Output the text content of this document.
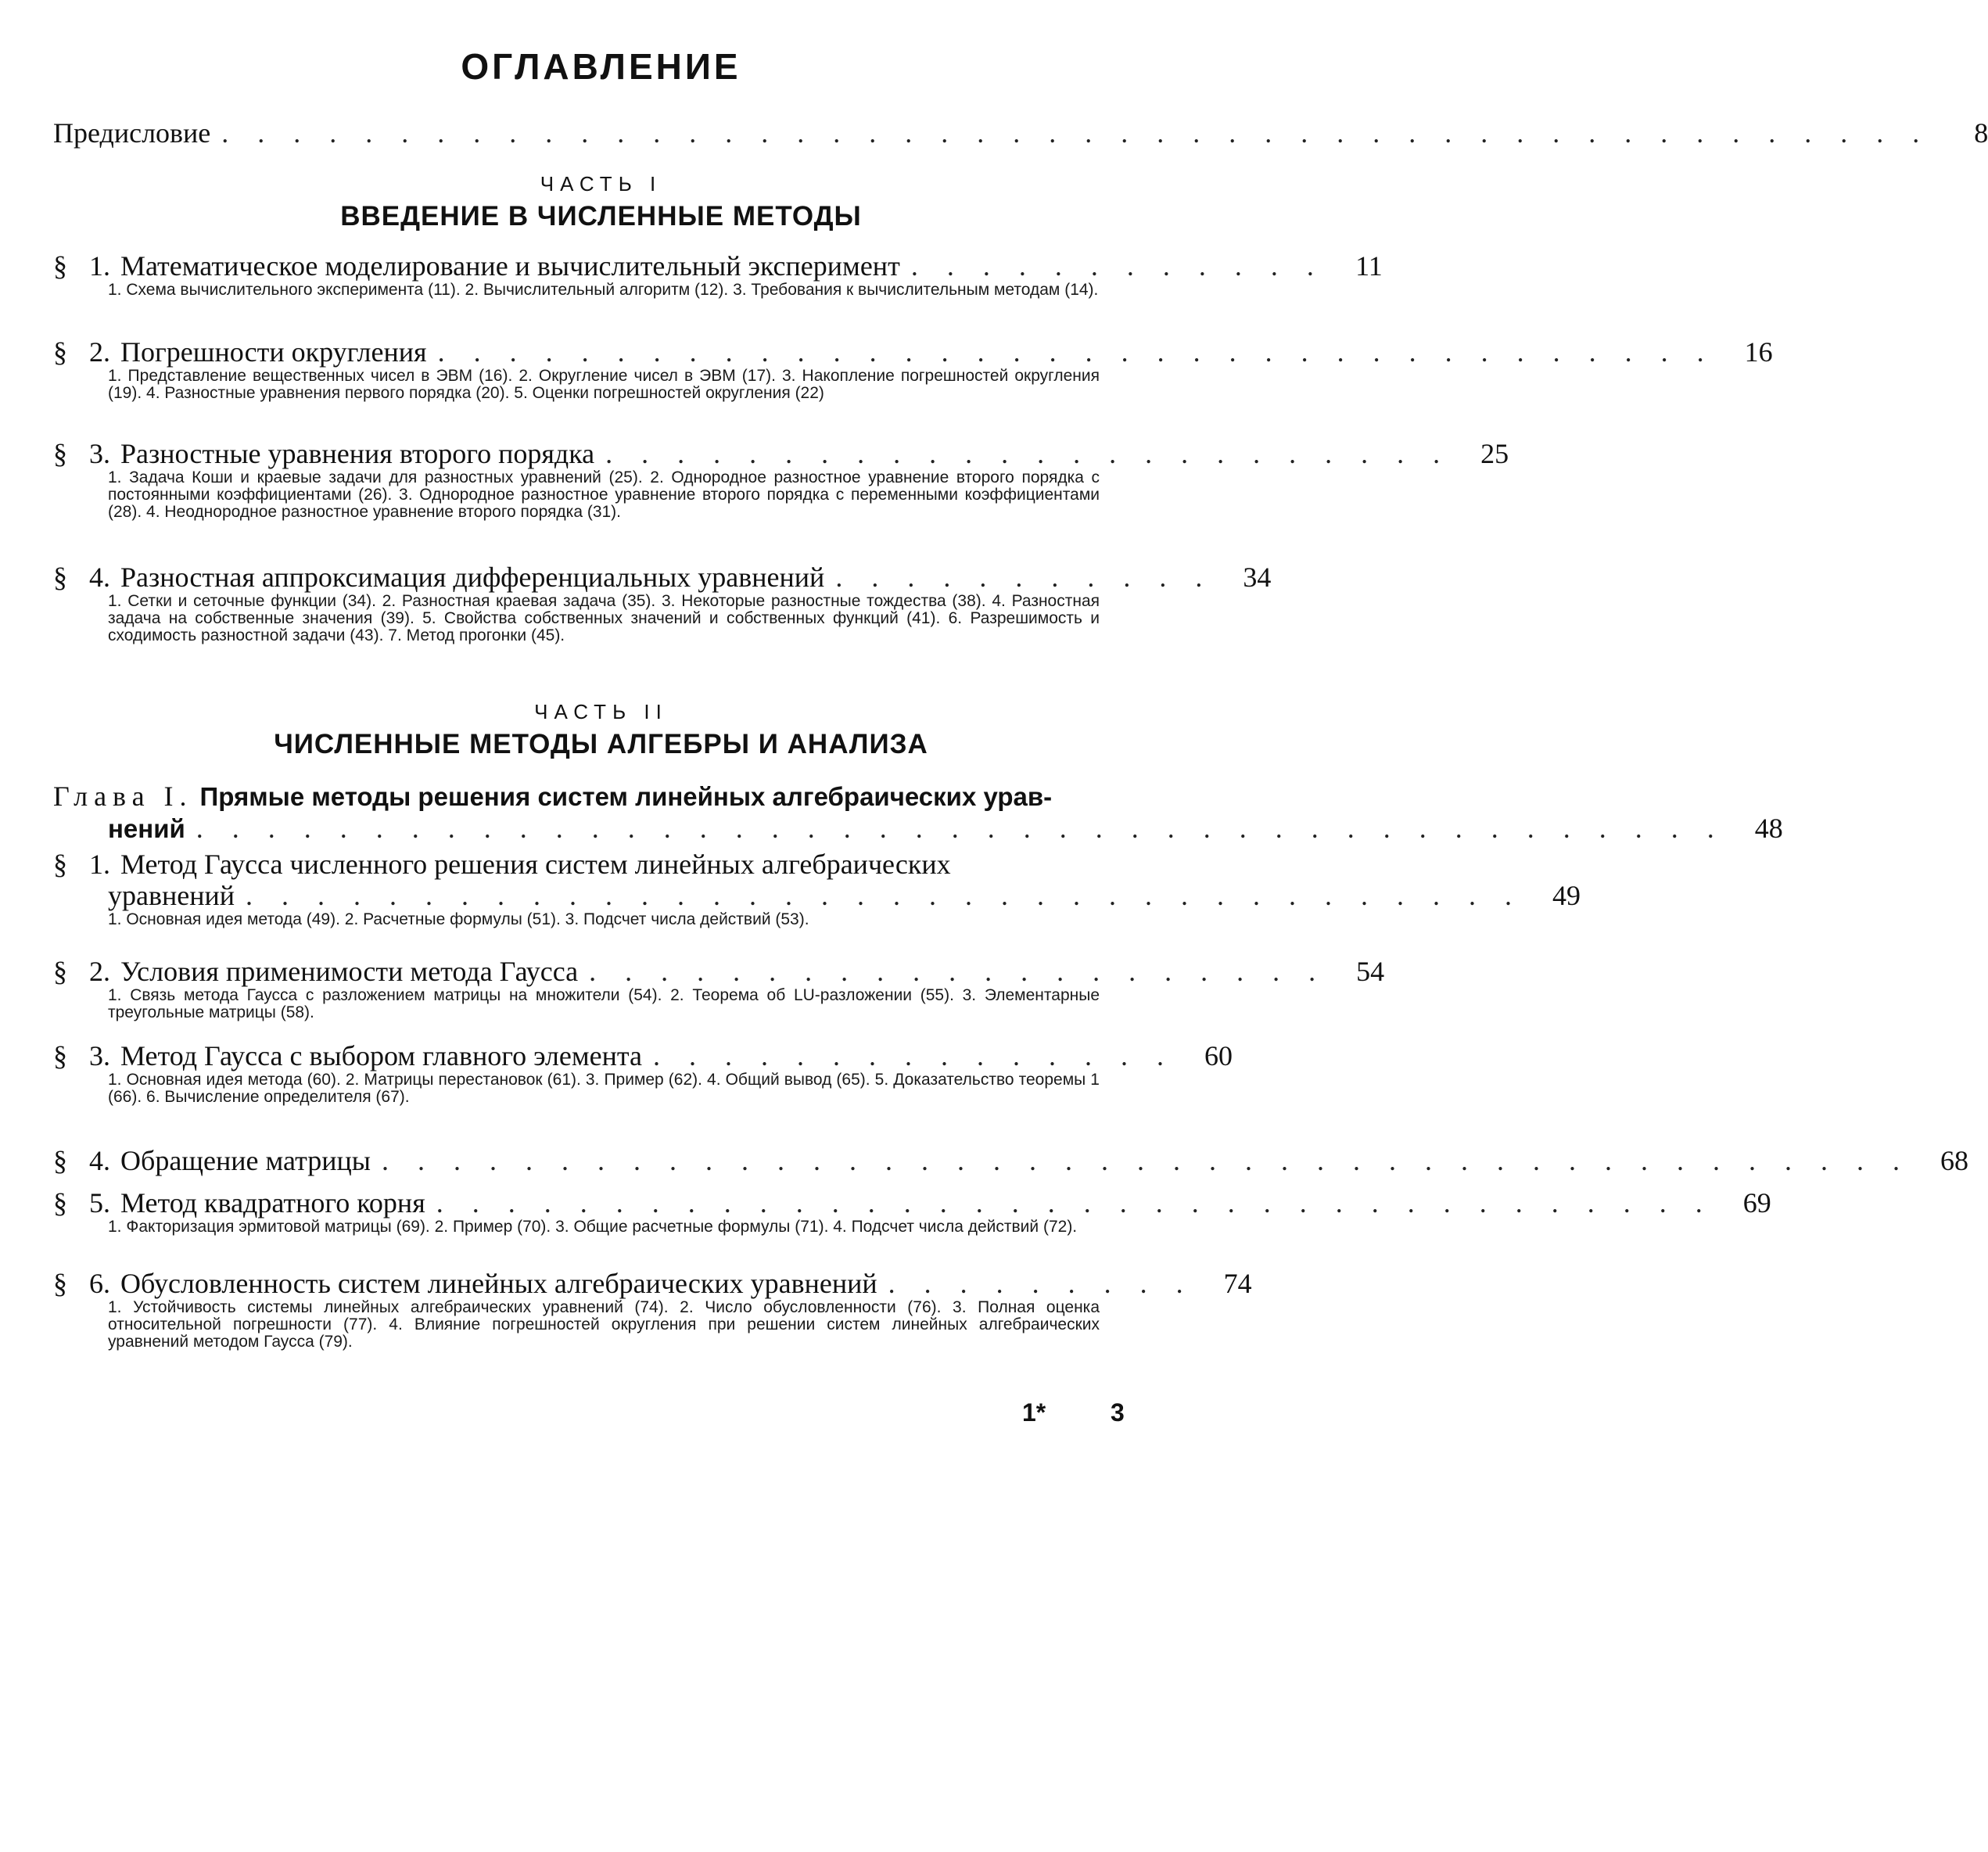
ОГЛАВЛЕНИЕ
Предисловие . . . . . . . . . . . . . . . . . . . . . . . . . . . . . . . . . . . . . . . . . . . . . . . .	8
ЧАСТЬ I
ВВЕДЕНИЕ В ЧИСЛЕННЫЕ МЕТОДЫ
§ 1. Математическое моделирование и вычислительный эксперимент . . . . . . . . . . . .	11
1. Схема вычислительного эксперимента (11). 2. Вычислительный алгоритм (12). 3. Требования к вычислительным методам (14).
§ 2. Погрешности округления . . . . . . . . . . . . . . . . . . . . . . . . . . . . . . . . . . . .	16
1. Представление вещественных чисел в ЭВМ (16). 2. Округление чисел в ЭВМ (17). 3. Накопление погрешностей округления (19). 4. Разностные уравнения первого порядка (20). 5. Оценки погрешностей округления (22)
§ 3. Разностные уравнения второго порядка . . . . . . . . . . . . . . . . . . . . . . . .	25
1. Задача Коши и краевые задачи для разностных уравнений (25). 2. Однородное разностное уравнение второго порядка с постоянными коэффициентами (26). 3. Однородное разностное уравнение второго порядка с переменными коэффициентами (28). 4. Неоднородное разностное уравнение второго порядка (31).
§ 4. Разностная аппроксимация дифференциальных уравнений . . . . . . . . . . .	34
1. Сетки и сеточные функции (34). 2. Разностная краевая задача (35). 3. Некоторые разностные тождества (38). 4. Разностная задача на собственные значения (39). 5. Свойства собственных значений и собственных функций (41). 6. Разрешимость и сходимость разностной задачи (43). 7. Метод прогонки (45).
ЧАСТЬ II
ЧИСЛЕННЫЕ МЕТОДЫ АЛГЕБРЫ И АНАЛИЗА
Глава I. Прямые методы решения систем линейных алгебраических урав-
нений . . . . . . . . . . . . . . . . . . . . . . . . . . . . . . . . . . . . . . . . . . .	48
§ 1. Метод Гаусса численного решения систем линейных алгебраических
уравнений . . . . . . . . . . . . . . . . . . . . . . . . . . . . . . . . . . . .	49
1. Основная идея метода (49). 2. Расчетные формулы (51). 3. Подсчет числа действий (53).
§ 2. Условия применимости метода Гаусса . . . . . . . . . . . . . . . . . . . . .	54
1. Связь метода Гаусса с разложением матрицы на множители (54). 2. Теорема об LU-разложении (55). 3. Элементарные треугольные матрицы (58).
§ 3. Метод Гаусса с выбором главного элемента . . . . . . . . . . . . . . .	60
1. Основная идея метода (60). 2. Матрицы перестановок (61). 3. Пример (62). 4. Общий вывод (65). 5. Доказательство теоремы 1 (66). 6. Вычисление определителя (67).
§ 4. Обращение матрицы . . . . . . . . . . . . . . . . . . . . . . . . . . . . . . . . . . . . . . . . . . .	68
§ 5. Метод квадратного корня . . . . . . . . . . . . . . . . . . . . . . . . . . . . . . . . . . . .	69
1. Факторизация эрмитовой матрицы (69). 2. Пример (70). 3. Общие расчетные формулы (71). 4. Подсчет числа действий (72).
§ 6. Обусловленность систем линейных алгебраических уравнений . . . . . . . . .	74
1. Устойчивость системы линейных алгебраических уравнений (74). 2. Число обусловленности (76). 3. Полная оценка относительной погрешности (77). 4. Влияние погрешностей округления при решении систем линейных алгебраических уравнений методом Гаусса (79).
1*	3
